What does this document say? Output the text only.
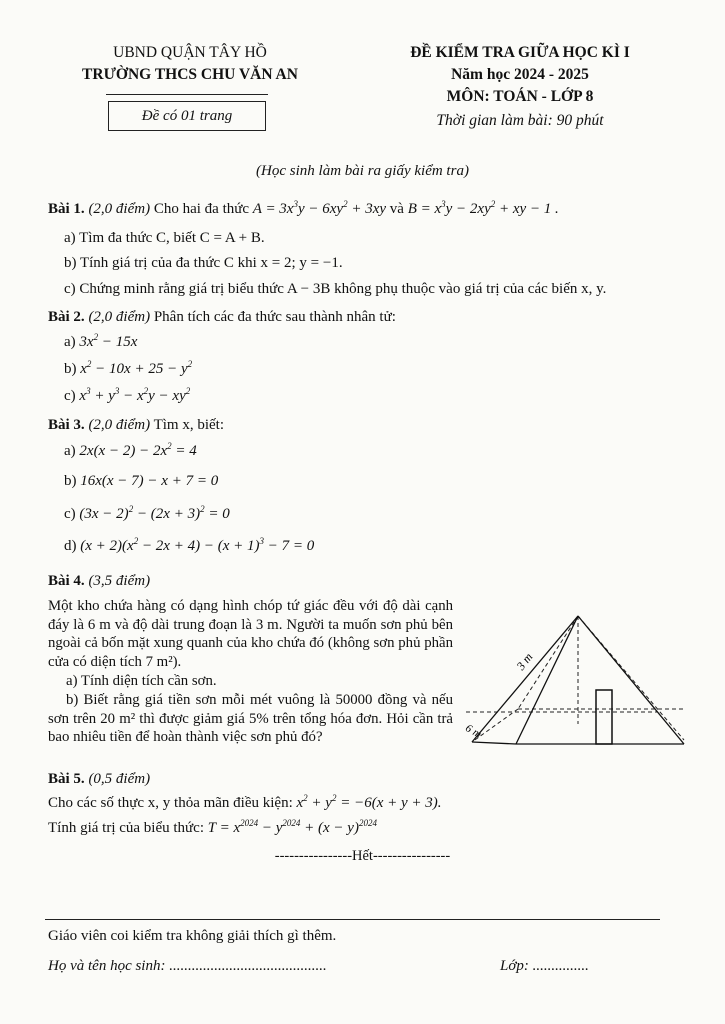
UBND QUẬN TÂY HỒ
TRƯỜNG THCS CHU VĂN AN
Đề có 01 trang
ĐỀ KIỂM TRA GIỮA HỌC KÌ I
Năm học 2024 - 2025
MÔN: TOÁN - LỚP 8
Thời gian làm bài: 90 phút
(Học sinh làm bài ra giấy kiểm tra)
Bài 1. (2,0 điểm) Cho hai đa thức $A = 3x^3y - 6xy^2 + 3xy$ và $B = x^3y - 2xy^2$ + xy − 1 .
a) Tìm đa thức C, biết C = A + B.
b) Tính giá trị của đa thức C khi x = 2; y = −1.
c) Chứng minh rằng giá trị biểu thức A − 3B không phụ thuộc vào giá trị của các biến x, y.
Bài 2. (2,0 điểm) Phân tích các đa thức sau thành nhân tử:
a) $3x^2 - 15x$
b) $x^2 - 10x + 25 - y^2$
c) $x^3 + y^3 - x^2y - xy^2$
Bài 3. (2,0 điểm) Tìm x, biết:
a) $2x(x - 2) - 2x^2 = 4$
b) 16x(x − 7) − x + 7 = 0
c) $(3x - 2)^2 - (2x + 3)^2 = 0$
d) $(x + 2)(x^2 - 2x + 4) - (x + 1)^3 - 7 = 0$
Bài 4. (3,5 điểm)
Một kho chứa hàng có dạng hình chóp tứ giác đều với độ dài cạnh đáy là 6 m và độ dài trung đoạn là 3 m. Người ta muốn sơn phủ bên ngoài cả bốn mặt xung quanh của kho chứa đó (không sơn phủ phần cửa có diện tích 7 m²).
a) Tính diện tích cần sơn.
b) Biết rằng giá tiền sơn mỗi mét vuông là 50000 đồng và nếu sơn trên 20 m² thì được giảm giá 5% trên tổng hóa đơn. Hỏi cần trả bao nhiêu tiền để hoàn thành việc sơn phủ đó?
3 m
6 m
Bài 5. (0,5 điểm)
Cho các số thực x, y thỏa mãn điều kiện: $x^2 + y^2 = -6(x + y + 3)$.
Tính giá trị của biểu thức: $T = x^{2024} - y^{2024} + (x - y)^{2024}$
----------------Hết----------------
Giáo viên coi kiểm tra không giải thích gì thêm.
Họ và tên học sinh: ..........................................	Lớp: ...............
